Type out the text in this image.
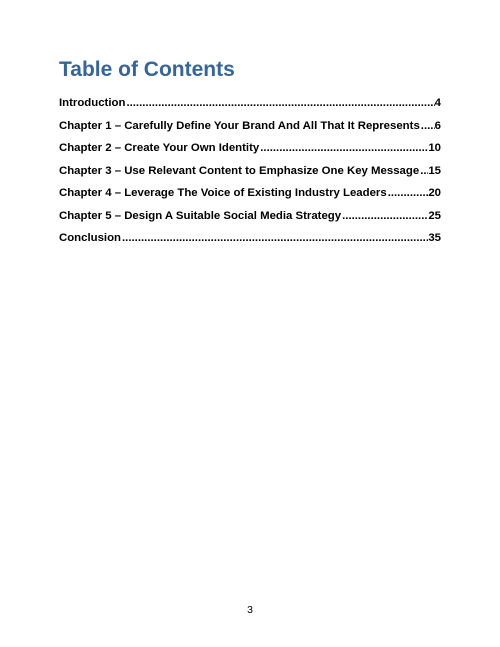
Table of Contents
Introduction .....	4
Chapter 1 – Carefully Define Your Brand And All That It Represents ..... 6
Chapter 2 – Create Your Own Identity .....	10
Chapter 3 – Use Relevant Content to Emphasize One Key Message ..... 15
Chapter 4 – Leverage The Voice of Existing Industry Leaders .....	20
Chapter 5 – Design A Suitable Social Media Strategy .....	25
Conclusion .....	35
3
